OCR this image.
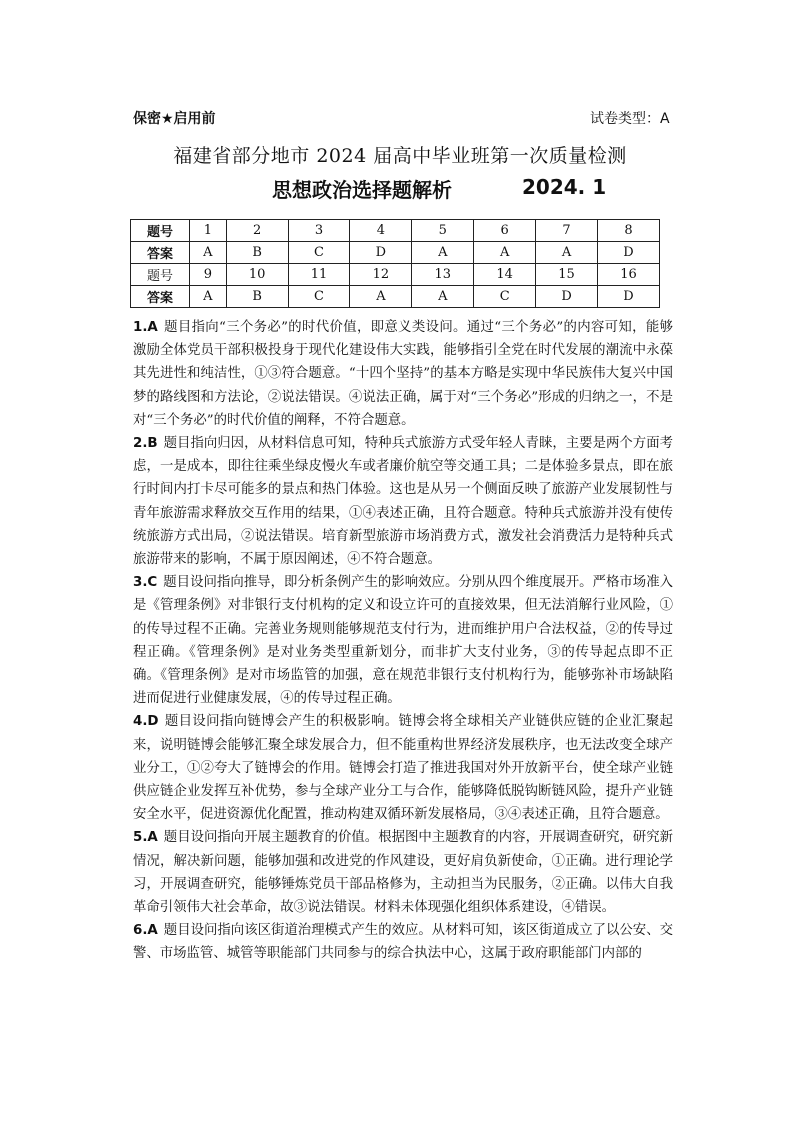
保密★启用前	试卷类型：A
福建省部分地市 2024 届高中毕业班第一次质量检测
思想政治选择题解析	2024. 1
题号	1	2	3	4	5	6	7	8
答案	A	B	C	D	A	A	A	D
题号	9	10	11	12	13	14	15	16
答案	A	B	C	A	A	C	D	D

1.A 题目指向“三个务必”的时代价值，即意义类设问。通过“三个务必”的内容可知，能够激励全体党员干部积极投身于现代化建设伟大实践，能够指引全党在时代发展的潮流中永葆其先进性和纯洁性，①③符合题意。“十四个坚持”的基本方略是实现中华民族伟大复兴中国梦的路线图和方法论，②说法错误。④说法正确，属于对“三个务必”形成的归纳之一，不是对“三个务必”的时代价值的阐释，不符合题意。

2.B 题目指向归因，从材料信息可知，特种兵式旅游方式受年轻人青睐，主要是两个方面考虑，一是成本，即往往乘坐绿皮慢火车或者廉价航空等交通工具；二是体验多景点，即在旅行时间内打卡尽可能多的景点和热门体验。这也是从另一个侧面反映了旅游产业发展韧性与青年旅游需求释放交互作用的结果，①④表述正确，且符合题意。特种兵式旅游并没有使传统旅游方式出局，②说法错误。培育新型旅游市场消费方式，激发社会消费活力是特种兵式旅游带来的影响，不属于原因阐述，④不符合题意。

3.C 题目设问指向推导，即分析条例产生的影响效应。分别从四个维度展开。严格市场准入是《管理条例》对非银行支付机构的定义和设立许可的直接效果，但无法消解行业风险，①的传导过程不正确。完善业务规则能够规范支付行为，进而维护用户合法权益，②的传导过程正确。《管理条例》是对业务类型重新划分，而非扩大支付业务，③的传导起点即不正确。《管理条例》是对市场监管的加强，意在规范非银行支付机构行为，能够弥补市场缺陷进而促进行业健康发展，④的传导过程正确。

4.D 题目设问指向链博会产生的积极影响。链博会将全球相关产业链供应链的企业汇聚起来，说明链博会能够汇聚全球发展合力，但不能重构世界经济发展秩序，也无法改变全球产业分工，①②夸大了链博会的作用。链博会打造了推进我国对外开放新平台，使全球产业链供应链企业发挥互补优势，参与全球产业分工与合作，能够降低脱钩断链风险，提升产业链安全水平，促进资源优化配置，推动构建双循环新发展格局，③④表述正确，且符合题意。

5.A 题目设问指向开展主题教育的价值。根据图中主题教育的内容，开展调查研究，研究新情况，解决新问题，能够加强和改进党的作风建设，更好肩负新使命，①正确。进行理论学习，开展调查研究，能够锤炼党员干部品格修为，主动担当为民服务，②正确。以伟大自我革命引领伟大社会革命，故③说法错误。材料未体现强化组织体系建设，④错误。

6.A 题目设问指向该区街道治理模式产生的效应。从材料可知，该区街道成立了以公安、交警、市场监管、城管等职能部门共同参与的综合执法中心，这属于政府职能部门内部的
